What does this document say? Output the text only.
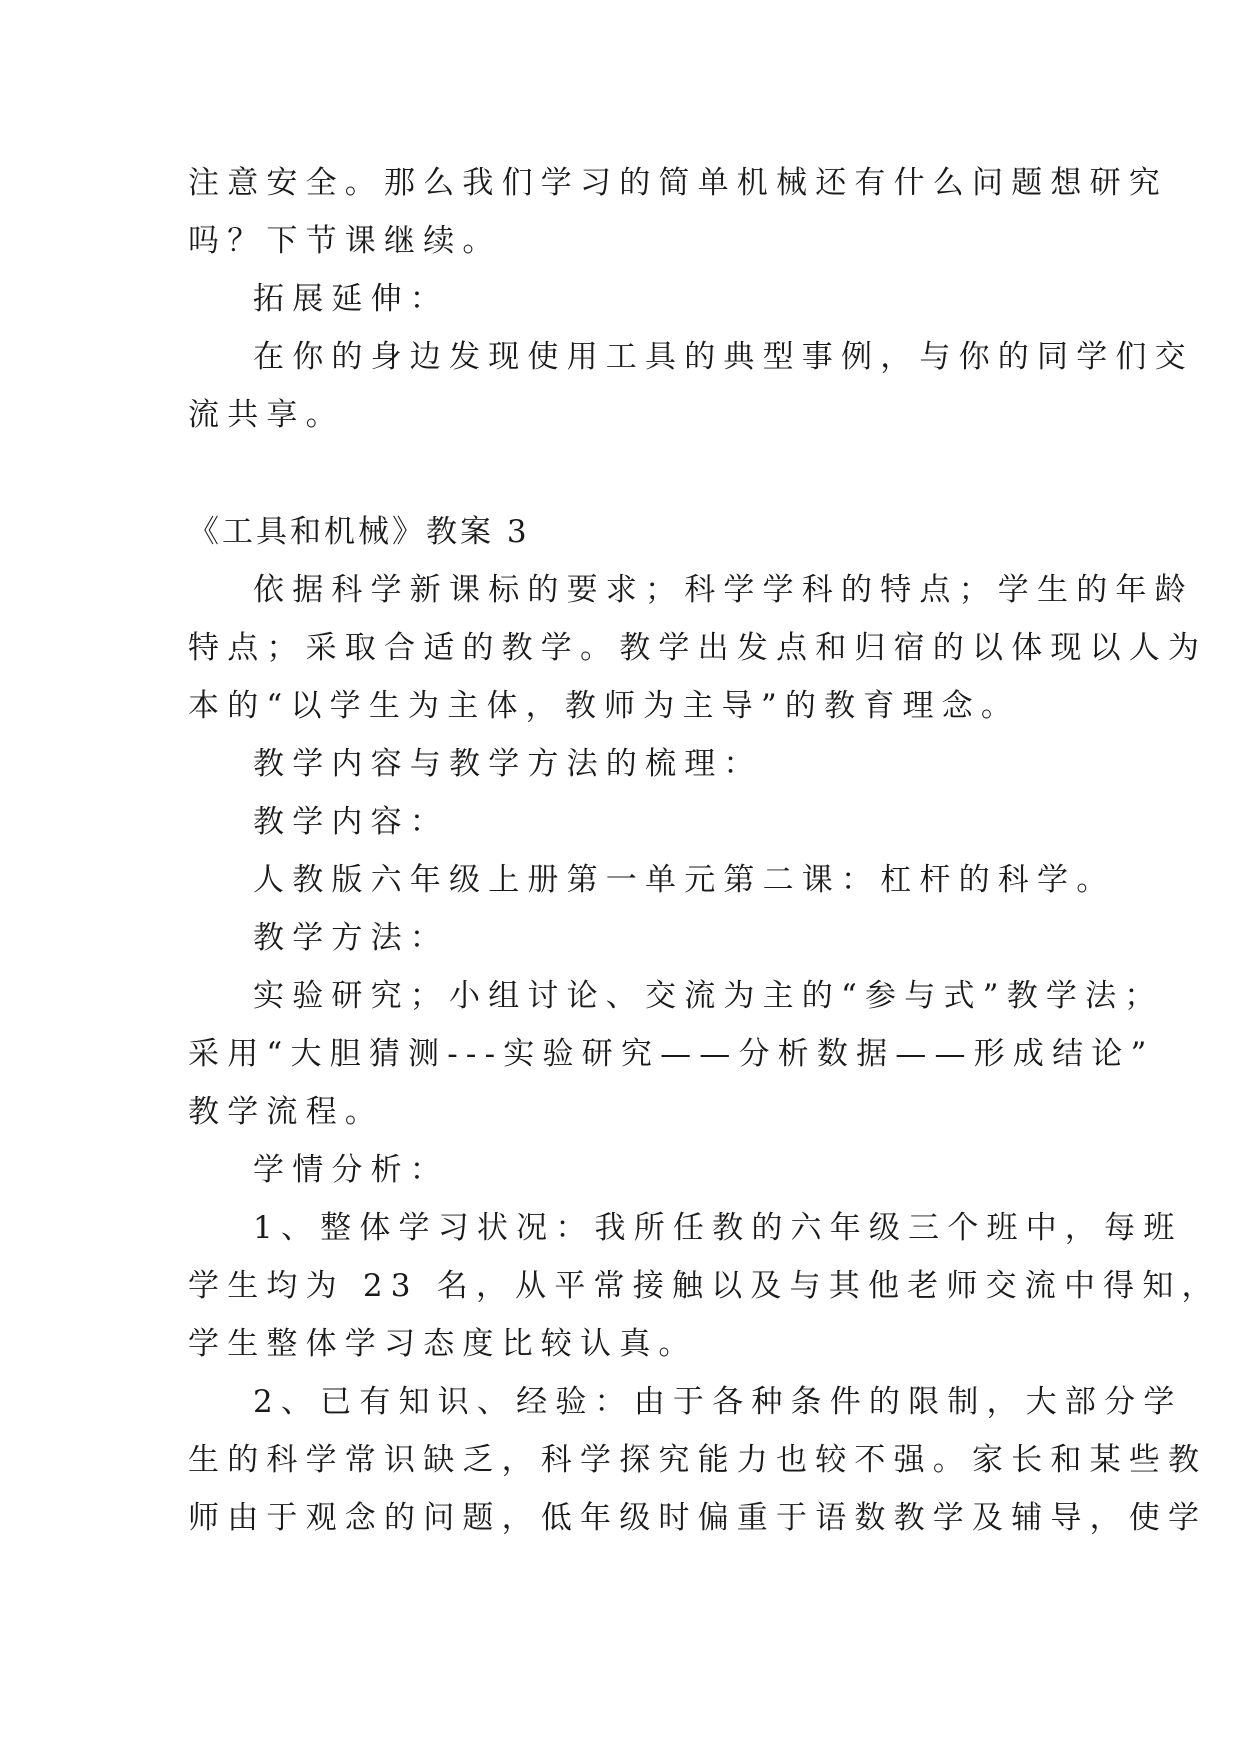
注意安全。那么我们学习的简单机械还有什么问题想研究
吗？下节课继续。
拓展延伸：
在你的身边发现使用工具的典型事例，与你的同学们交
流共享。
《工具和机械》教案 3
依据科学新课标的要求；科学学科的特点；学生的年龄
特点；采取合适的教学。教学出发点和归宿的以体现以人为
本的“以学生为主体，教师为主导”的教育理念。
教学内容与教学方法的梳理：
教学内容：
人教版六年级上册第一单元第二课：杠杆的科学。
教学方法：
实验研究；小组讨论、交流为主的“参与式”教学法；
采用“大胆猜测---实验研究——分析数据——形成结论”
教学流程。
学情分析：
1、整体学习状况：我所任教的六年级三个班中，每班
学生均为 23 名，从平常接触以及与其他老师交流中得知，
学生整体学习态度比较认真。
2、已有知识、经验：由于各种条件的限制，大部分学
生的科学常识缺乏，科学探究能力也较不强。家长和某些教
师由于观念的问题，低年级时偏重于语数教学及辅导，使学
